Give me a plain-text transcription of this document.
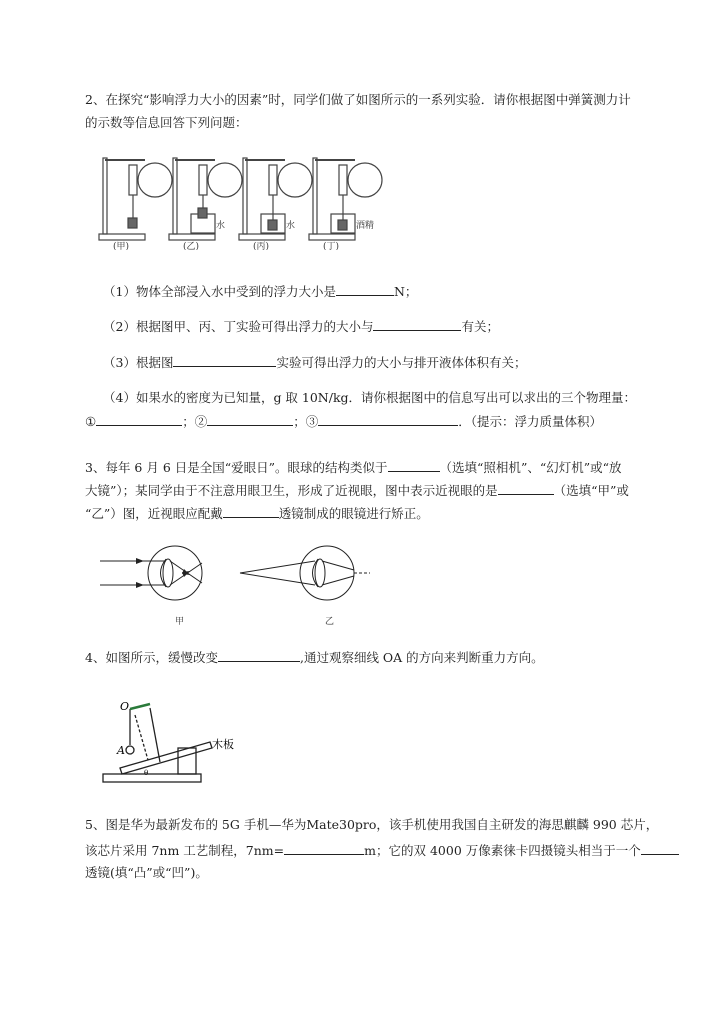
2、在探究“影响浮力大小的因素”时，同学们做了如图所示的一系列实验．请你根据图中弹簧测力计
的示数等信息回答下列问题：
(甲)	(乙)	(丙)	(丁)
水	水	酒精
（1）物体全部浸入水中受到的浮力大小是	N；
（2）根据图甲、丙、丁实验可得出浮力的大小与	有关；
（3）根据图	实验可得出浮力的大小与排开液体体积有关；
（4）如果水的密度为已知量，g 取 10N/kg．请你根据图中的信息写出可以求出的三个物理量：
①	；②	；③	．（提示：浮力质量体积）
3、每年 6 月 6 日是全国“爱眼日”。眼球的结构类似于	（选填“照相机”、“幻灯机”或“放
大镜”）；某同学由于不注意用眼卫生，形成了近视眼，图中表示近视眼的是	（选填“甲”或
“乙”）图，近视眼应配戴	透镜制成的眼镜进行矫正。
甲	乙
4、如图所示，缓慢改变	,通过观察细线 OA 的方向来判断重力方向。
O
A	木板
θ
5、图是华为最新发布的 5G 手机—华为Mate30pro，该手机使用我国自主研发的海思麒麟 990 芯片，
该芯片采用 7nm 工艺制程，7nm=	m；它的双 4000 万像素徕卡四摄镜头相当于一个
透镜(填“凸”或“凹”)。
